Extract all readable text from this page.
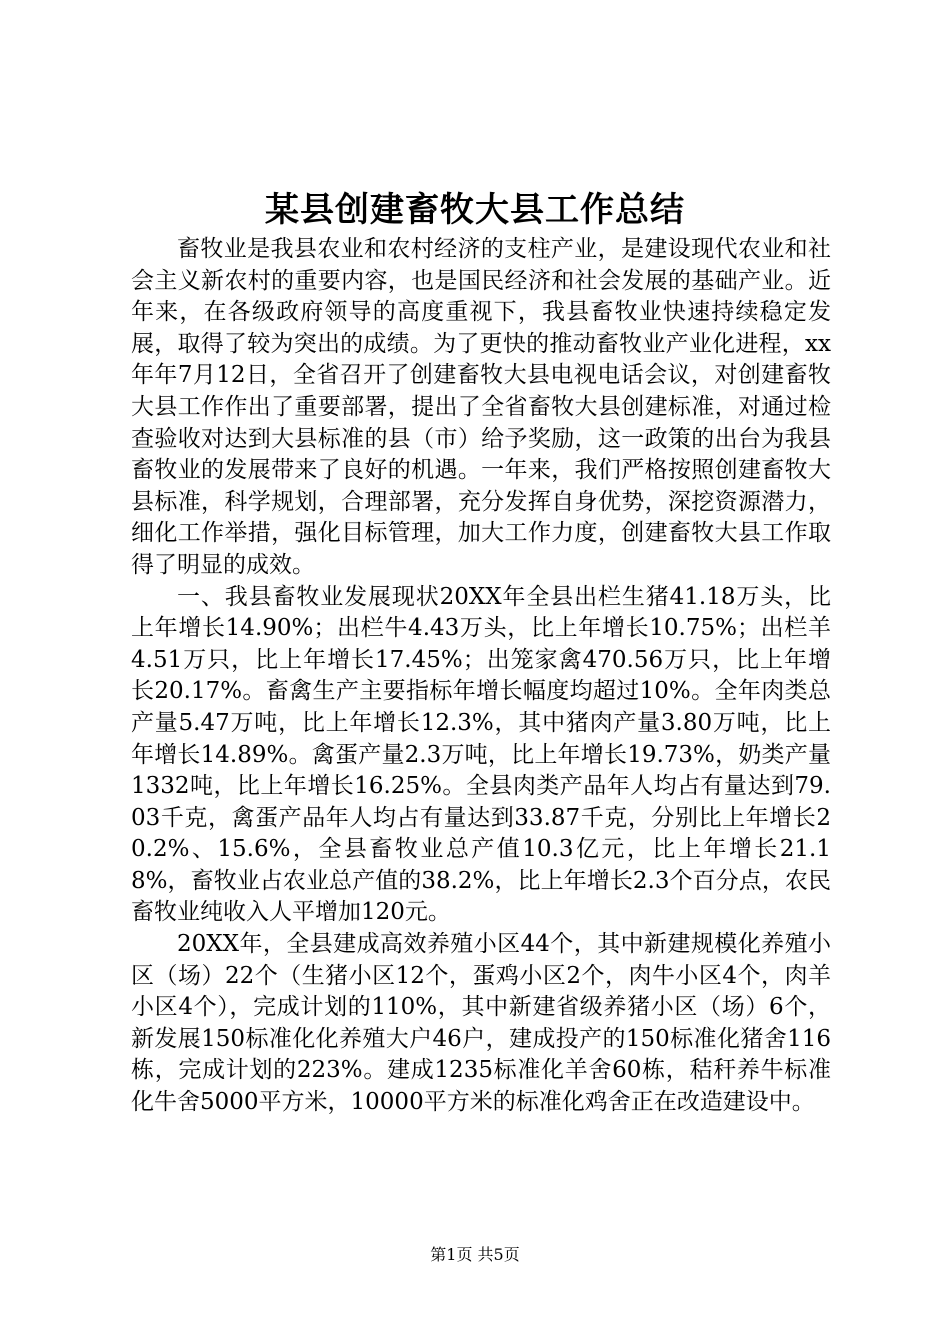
某县创建畜牧大县工作总结

畜牧业是我县农业和农村经济的支柱产业，是建设现代农业和社会主义新农村的重要内容，也是国民经济和社会发展的基础产业。近年来，在各级政府领导的高度重视下，我县畜牧业快速持续稳定发展，取得了较为突出的成绩。为了更快的推动畜牧业产业化进程，xx年年7月12日，全省召开了创建畜牧大县电视电话会议，对创建畜牧大县工作作出了重要部署，提出了全省畜牧大县创建标准，对通过检查验收对达到大县标准的县（市）给予奖励，这一政策的出台为我县畜牧业的发展带来了良好的机遇。一年来，我们严格按照创建畜牧大县标准，科学规划，合理部署，充分发挥自身优势，深挖资源潜力，细化工作举措，强化目标管理，加大工作力度，创建畜牧大县工作取得了明显的成效。

一、我县畜牧业发展现状20XX年全县出栏生猪41.18万头，比上年增长14.90%；出栏牛4.43万头，比上年增长10.75%；出栏羊4.51万只，比上年增长17.45%；出笼家禽470.56万只，比上年增长20.17%。畜禽生产主要指标年增长幅度均超过10%。全年肉类总产量5.47万吨，比上年增长12.3%，其中猪肉产量3.80万吨，比上年增长14.89%。禽蛋产量2.3万吨，比上年增长19.73%，奶类产量1332吨，比上年增长16.25%。全县肉类产品年人均占有量达到79.03千克，禽蛋产品年人均占有量达到33.87千克，分别比上年增长20.2%、15.6%，全县畜牧业总产值10.3亿元，比上年增长21.18%，畜牧业占农业总产值的38.2%，比上年增长2.3个百分点，农民畜牧业纯收入人平增加120元。

20XX年，全县建成高效养殖小区44个，其中新建规模化养殖小区（场）22个（生猪小区12个，蛋鸡小区2个，肉牛小区4个，肉羊小区4个），完成计划的110%，其中新建省级养猪小区（场）6个，新发展150标准化化养殖大户46户，建成投产的150标准化猪舍116栋，完成计划的223%。建成1235标准化羊舍60栋，秸秆养牛标准化牛舍5000平方米，10000平方米的标准化鸡舍正在改造建设中。

第1页 共5页
